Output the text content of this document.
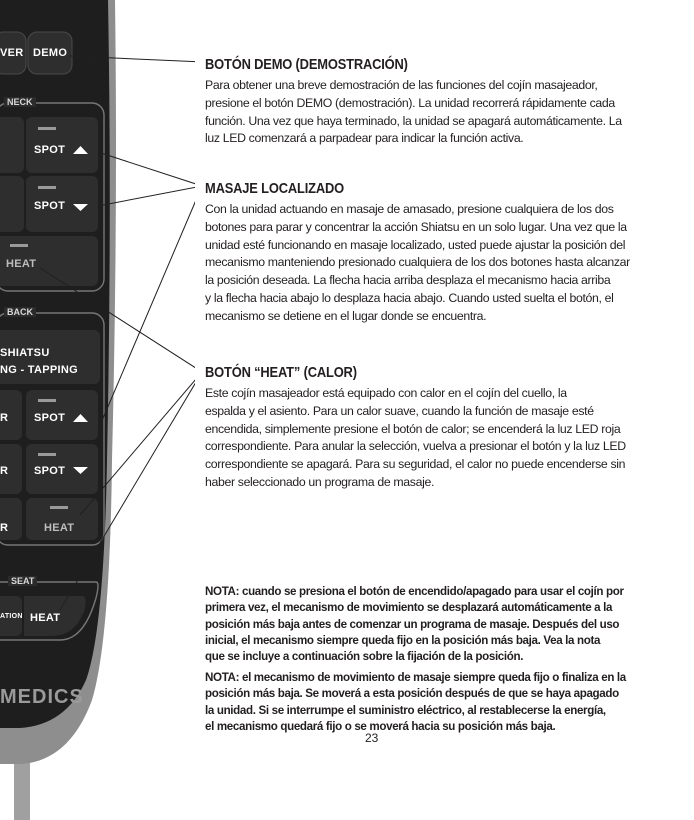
VER DEMO
NECK
SPOT
SPOT
HEAT
BACK
SHIATSU
NG - TAPPING
R SPOT
R SPOT
R	HEAT
SEAT
ATION HEAT
MEDICS
BOTÓN DEMO (DEMOSTRACIÓN)

Para obtener una breve demostración de las funciones del cojín masajeador,
presione el botón DEMO (demostración). La unidad recorrerá rápidamente cada
función. Una vez que haya terminado, la unidad se apagará automáticamente. La
luz LED comenzará a parpadear para indicar la función activa.

MASAJE LOCALIZADO

Con la unidad actuando en masaje de amasado, presione cualquiera de los dos
botones para parar y concentrar la acción Shiatsu en un solo lugar. Una vez que la
unidad esté funcionando en masaje localizado, usted puede ajustar la posición del
mecanismo manteniendo presionado cualquiera de los dos botones hasta alcanzar
la posición deseada. La flecha hacia arriba desplaza el mecanismo hacia arriba
y la flecha hacia abajo lo desplaza hacia abajo. Cuando usted suelta el botón, el
mecanismo se detiene en el lugar donde se encuentra.

BOTÓN “HEAT” (CALOR)

Este cojín masajeador está equipado con calor en el cojín del cuello, la
espalda y el asiento. Para un calor suave, cuando la función de masaje esté
encendida, simplemente presione el botón de calor; se encenderá la luz LED roja
correspondiente. Para anular la selección, vuelva a presionar el botón y la luz LED
correspondiente se apagará. Para su seguridad, el calor no puede encenderse sin
haber seleccionado un programa de masaje.

NOTA: cuando se presiona el botón de encendido/apagado para usar el cojín por
primera vez, el mecanismo de movimiento se desplazará automáticamente a la
posición más baja antes de comenzar un programa de masaje. Después del uso
inicial, el mecanismo siempre queda fijo en la posición más baja. Vea la nota
que se incluye a continuación sobre la fijación de la posición.

NOTA: el mecanismo de movimiento de masaje siempre queda fijo o finaliza en la
posición más baja. Se moverá a esta posición después de que se haya apagado
la unidad. Si se interrumpe el suministro eléctrico, al restablecerse la energía,
el mecanismo quedará fijo o se moverá hacia su posición más baja.

23
